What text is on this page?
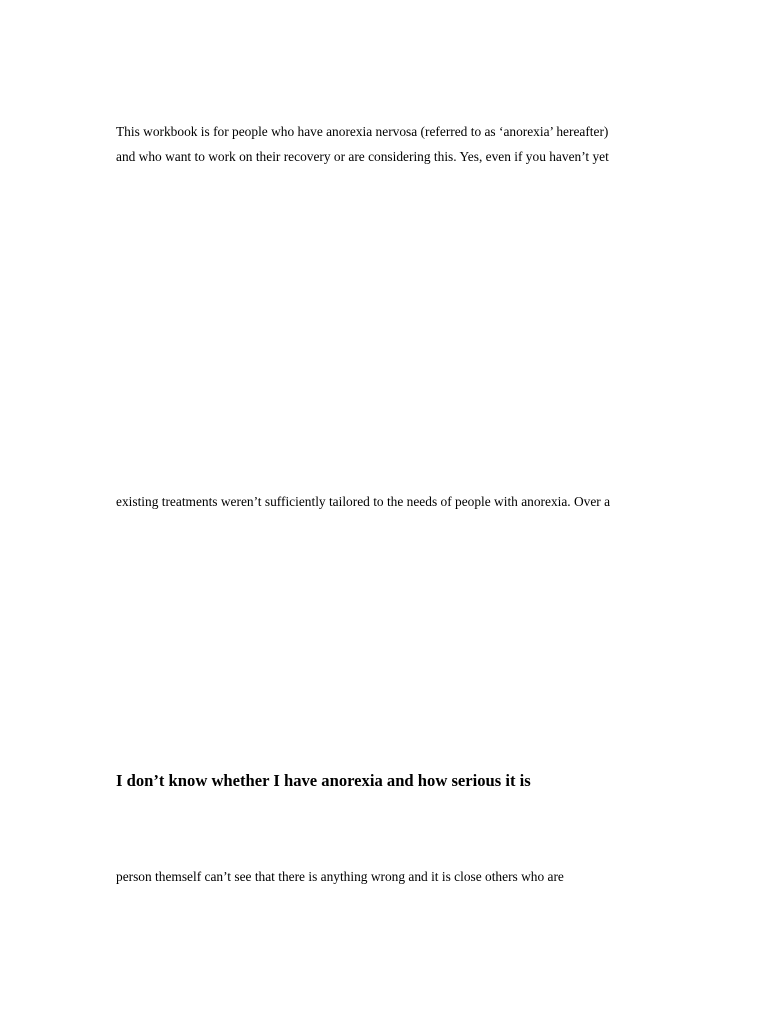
This workbook is for people who have anorexia nervosa (referred to as ‘anorexia’ hereafter)

and who want to work on their recovery or are considering this. Yes, even if you haven’t yet

existing treatments weren’t sufficiently tailored to the needs of people with anorexia. Over a

I don’t know whether I have anorexia and how serious it is

person themself can’t see that there is anything wrong and it is close others who are
